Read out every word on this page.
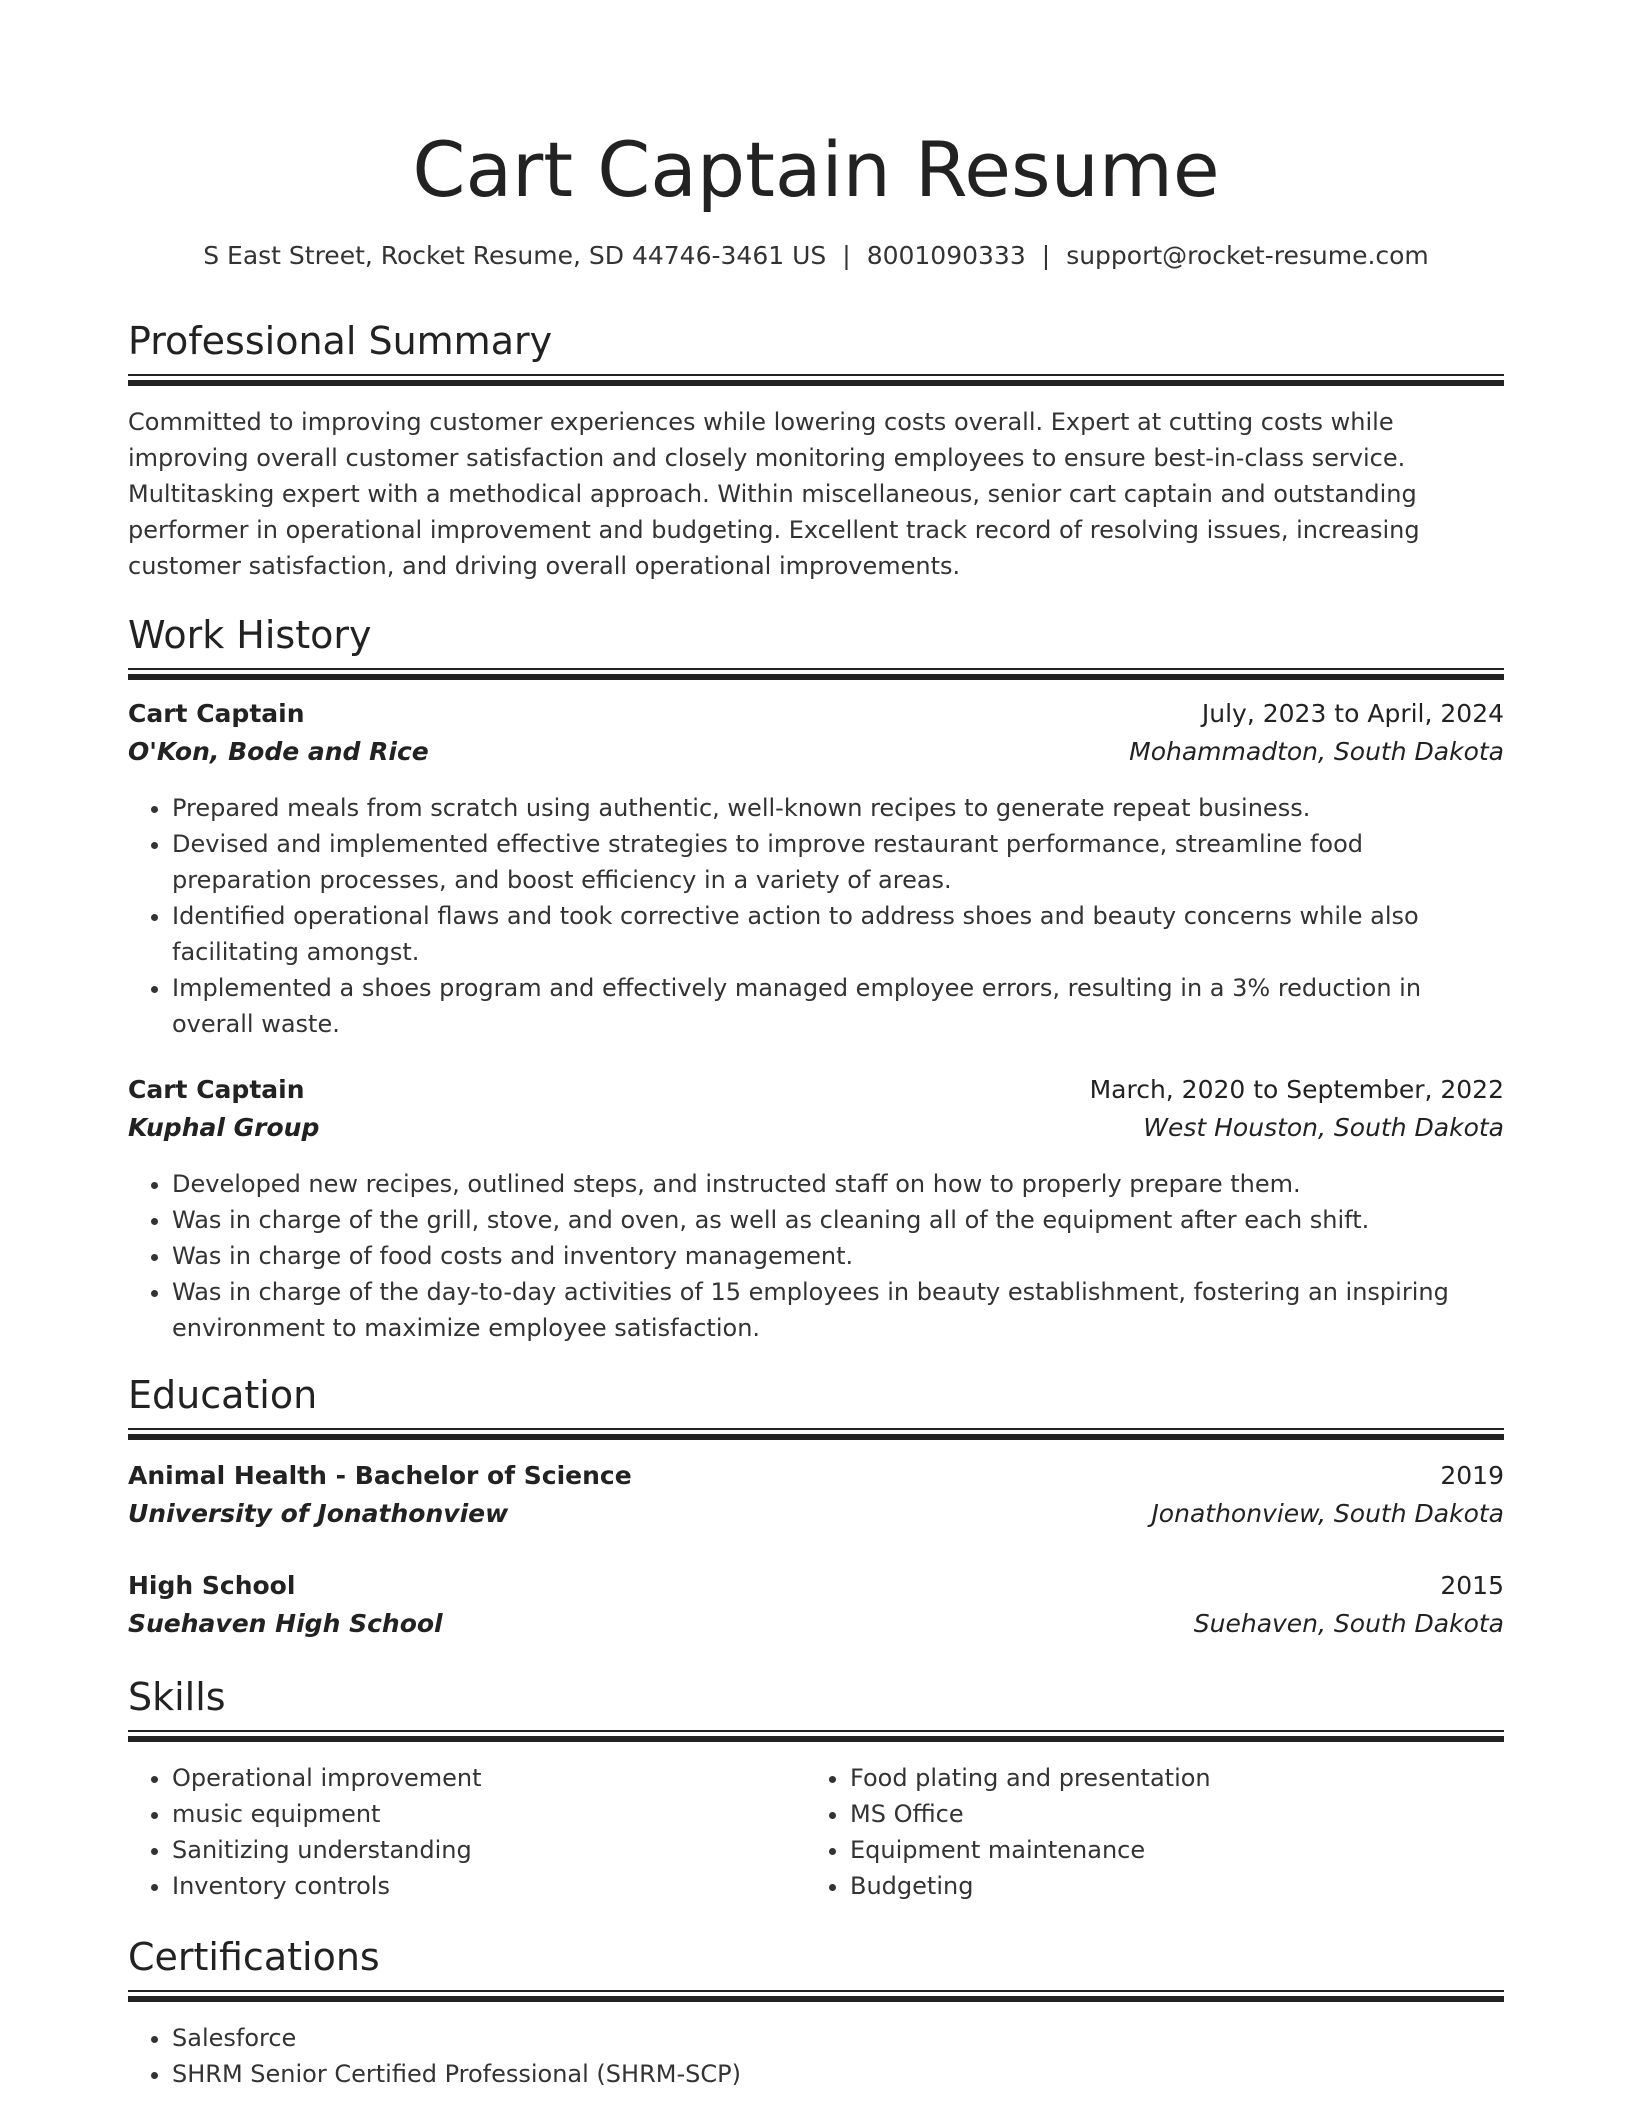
Cart Captain Resume
S East Street, Rocket Resume, SD 44746-3461 US | 8001090333 | support@rocket-resume.com
Professional Summary
Committed to improving customer experiences while lowering costs overall. Expert at cutting costs while improving overall customer satisfaction and closely monitoring employees to ensure best-in-class service. Multitasking expert with a methodical approach. Within miscellaneous, senior cart captain and outstanding performer in operational improvement and budgeting. Excellent track record of resolving issues, increasing customer satisfaction, and driving overall operational improvements.
Work History
Cart Captain	July, 2023 to April, 2024
O'Kon, Bode and Rice	Mohammadton, South Dakota
• Prepared meals from scratch using authentic, well-known recipes to generate repeat business.
• Devised and implemented effective strategies to improve restaurant performance, streamline food preparation processes, and boost efficiency in a variety of areas.
• Identified operational flaws and took corrective action to address shoes and beauty concerns while also facilitating amongst.
• Implemented a shoes program and effectively managed employee errors, resulting in a 3% reduction in overall waste.
Cart Captain	March, 2020 to September, 2022
Kuphal Group	West Houston, South Dakota
• Developed new recipes, outlined steps, and instructed staff on how to properly prepare them.
• Was in charge of the grill, stove, and oven, as well as cleaning all of the equipment after each shift.
• Was in charge of food costs and inventory management.
• Was in charge of the day-to-day activities of 15 employees in beauty establishment, fostering an inspiring environment to maximize employee satisfaction.
Education
Animal Health - Bachelor of Science	2019
University of Jonathonview	Jonathonview, South Dakota
High School	2015
Suehaven High School	Suehaven, South Dakota
Skills
• Operational improvement
• music equipment
• Sanitizing understanding
• Inventory controls
• Food plating and presentation
• MS Office
• Equipment maintenance
• Budgeting
Certifications
• Salesforce
• SHRM Senior Certified Professional (SHRM-SCP)
